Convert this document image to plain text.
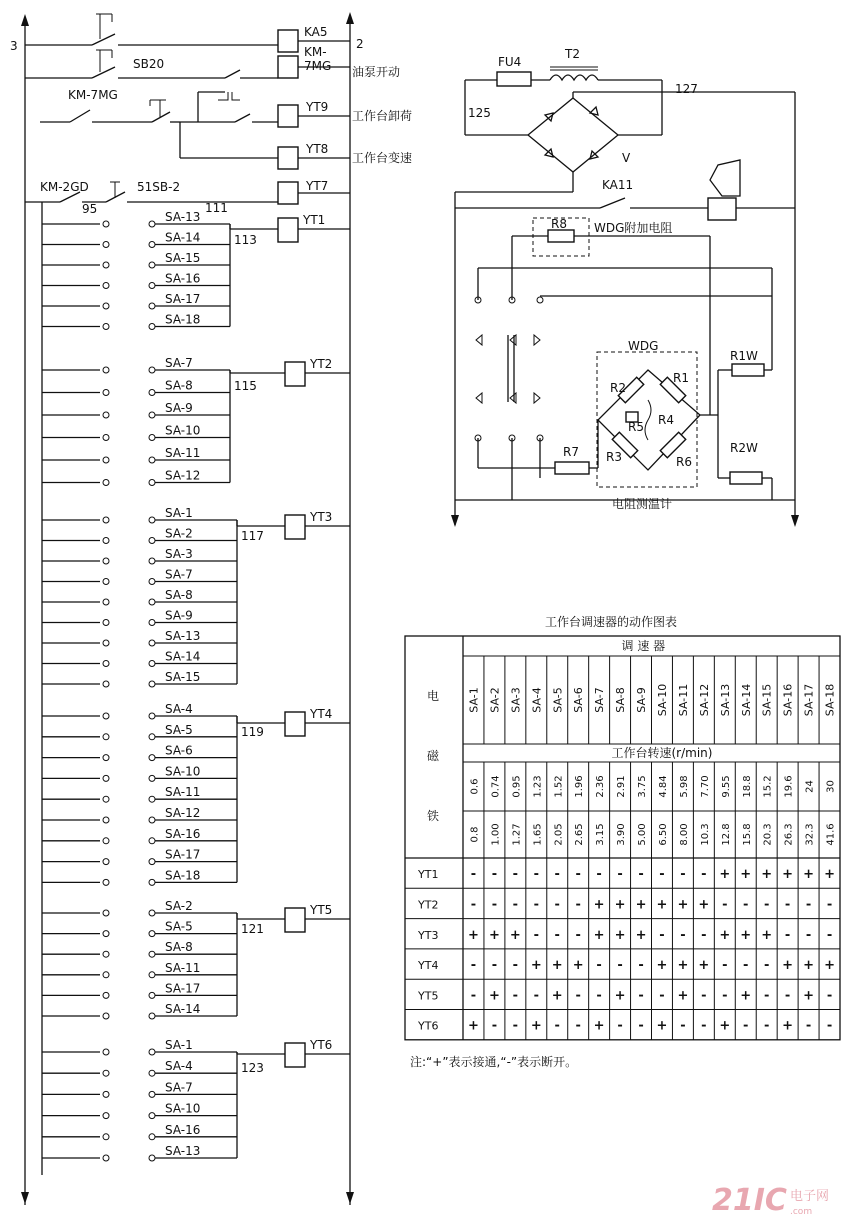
3	2
KA5
SB20
KM-
7MG 油泵开动
KM-7MG
YT9
工作台卸荷
YT8
工作台变速
KM-2GD
95
51SB-2	YT7
111
SA-13
SA-14
SA-15
SA-16
SA-17
SA-18
YT1
113
SA-7
SA-8
SA-9
SA-10
SA-11
SA-12
YT2
115
SA-1
SA-2
SA-3
SA-7
SA-8
SA-9
SA-13
SA-14
SA-15
YT3
117
SA-4
SA-5
SA-6
SA-10
SA-11
SA-12
SA-16
SA-17
SA-18
YT4
119
SA-2
SA-5
SA-8
SA-11
SA-17
SA-14
YT5
121
SA-1
SA-4
SA-7
SA-10
SA-16
SA-13
YT6
123
FU4
T2
125
127
V
KA11
R8 WDG附加电阻
WDG
R2
R1
R4
R5
R3	R6
电阻测温计
R7
R1W
R2W
工作台调速器的动作图表
调 速 器
电
磁
铁
SA-1 SA-2 SA-3 SA-4 SA-5 SA-6 SA-7 SA-8 SA-9 SA-10 SA-11 SA-12 SA-13 SA-14 SA-15 SA-16 SA-17 SA-18
工作台转速(r/min)
0.6 0.74 0.95 1.23 1.52 1.96 2.36 2.91 3.75 4.84 5.98 7.70 9.55 18.8 15.2 19.6 24 30
0.8 1.00 1.27 1.65 2.05 2.65 3.15 3.90 5.00 6.50 8.00 10.3 12.8 15.8 20.3 26.3 32.3 41.6
YT1 - - - - - - - - - - - - + + + + + +
YT2 - - - - - - + + + + + + - - - - - -
YT3 + + + - - - + + + - - - + + + - - -
YT4 - - - + + + - - - + + + - - - + + +
YT5 - + - - + - - + - - + - - + - - + -
YT6 + - - + - - + - - + - - + - - + - -
注:“+”表示接通,“-”表示断开。
21IC 电子网
.com
